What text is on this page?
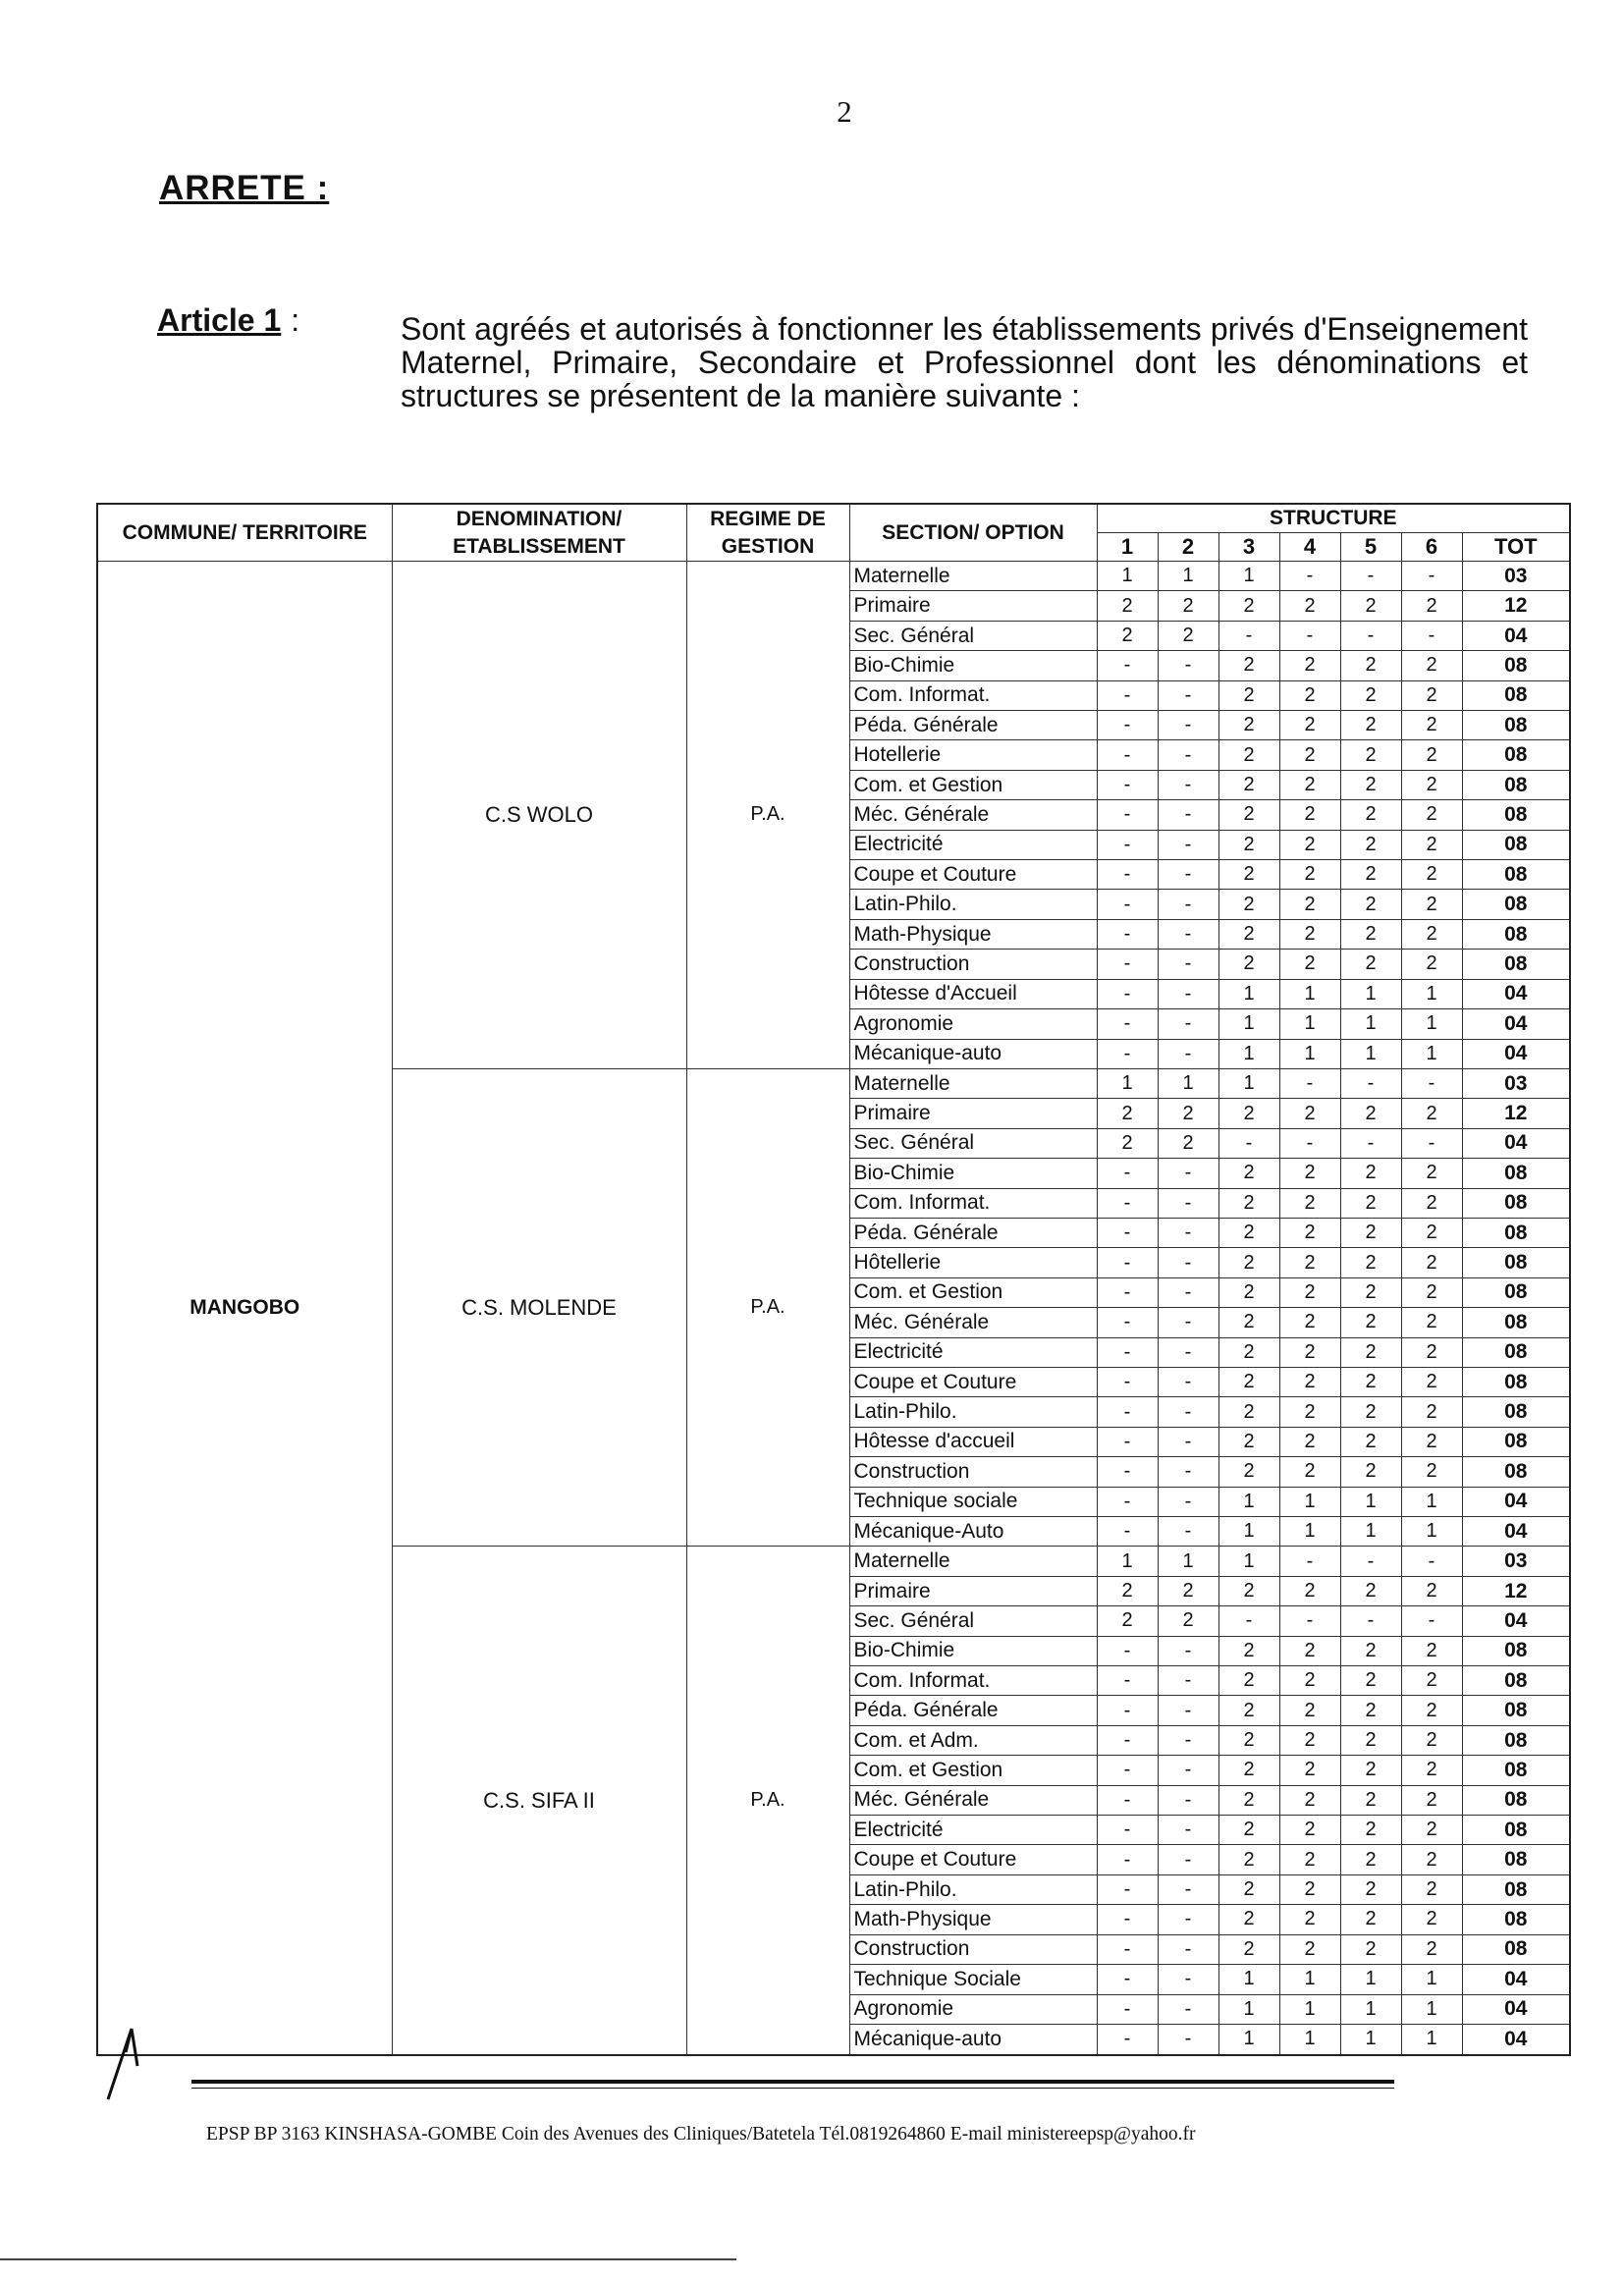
2
ARRETE :
Article 1 :	Sont agréés et autorisés à fonctionner les établissements privés d'Enseignement Maternel, Primaire, Secondaire et Professionnel dont les dénominations et structures se présentent de la manière suivante :
COMMUNE/ TERRITOIRE	DENOMINATION/ ETABLISSEMENT	REGIME DE GESTION	SECTION/ OPTION	STRUCTURE						
				1	2	3	4	5	6	TOT
MANGOBO	C.S WOLO	P.A.	Maternelle	1	1	1	-	-	-	03
			Primaire	2	2	2	2	2	2	12
			Sec. Général	2	2	-	-	-	-	04
			Bio-Chimie	-	-	2	2	2	2	08
			Com. Informat.	-	-	2	2	2	2	08
			Péda. Générale	-	-	2	2	2	2	08
			Hotellerie	-	-	2	2	2	2	08
			Com. et Gestion	-	-	2	2	2	2	08
			Méc. Générale	-	-	2	2	2	2	08
			Electricité	-	-	2	2	2	2	08
			Coupe et Couture	-	-	2	2	2	2	08
			Latin-Philo.	-	-	2	2	2	2	08
			Math-Physique	-	-	2	2	2	2	08
			Construction	-	-	2	2	2	2	08
			Hôtesse d'Accueil	-	-	1	1	1	1	04
			Agronomie	-	-	1	1	1	1	04
			Mécanique-auto	-	-	1	1	1	1	04
	C.S. MOLENDE	P.A.	Maternelle	1	1	1	-	-	-	03
			Primaire	2	2	2	2	2	2	12
			Sec. Général	2	2	-	-	-	-	04
			Bio-Chimie	-	-	2	2	2	2	08
			Com. Informat.	-	-	2	2	2	2	08
			Péda. Générale	-	-	2	2	2	2	08
			Hôtellerie	-	-	2	2	2	2	08
			Com. et Gestion	-	-	2	2	2	2	08
			Méc. Générale	-	-	2	2	2	2	08
			Electricité	-	-	2	2	2	2	08
			Coupe et Couture	-	-	2	2	2	2	08
			Latin-Philo.	-	-	2	2	2	2	08
			Hôtesse d'accueil	-	-	2	2	2	2	08
			Construction	-	-	2	2	2	2	08
			Technique sociale	-	-	1	1	1	1	04
			Mécanique-Auto	-	-	1	1	1	1	04
	C.S. SIFA II	P.A.	Maternelle	1	1	1	-	-	-	03
			Primaire	2	2	2	2	2	2	12
			Sec. Général	2	2	-	-	-	-	04
			Bio-Chimie	-	-	2	2	2	2	08
			Com. Informat.	-	-	2	2	2	2	08
			Péda. Générale	-	-	2	2	2	2	08
			Com. et Adm.	-	-	2	2	2	2	08
			Com. et Gestion	-	-	2	2	2	2	08
			Méc. Générale	-	-	2	2	2	2	08
			Electricité	-	-	2	2	2	2	08
			Coupe et Couture	-	-	2	2	2	2	08
			Latin-Philo.	-	-	2	2	2	2	08
			Math-Physique	-	-	2	2	2	2	08
			Construction	-	-	2	2	2	2	08
			Technique Sociale	-	-	1	1	1	1	04
			Agronomie	-	-	1	1	1	1	04
			Mécanique-auto	-	-	1	1	1	1	04
EPSP BP 3163 KINSHASA-GOMBE Coin des Avenues des Cliniques/Batetela Tél.0819264860 E-mail ministereepsp@yahoo.fr
